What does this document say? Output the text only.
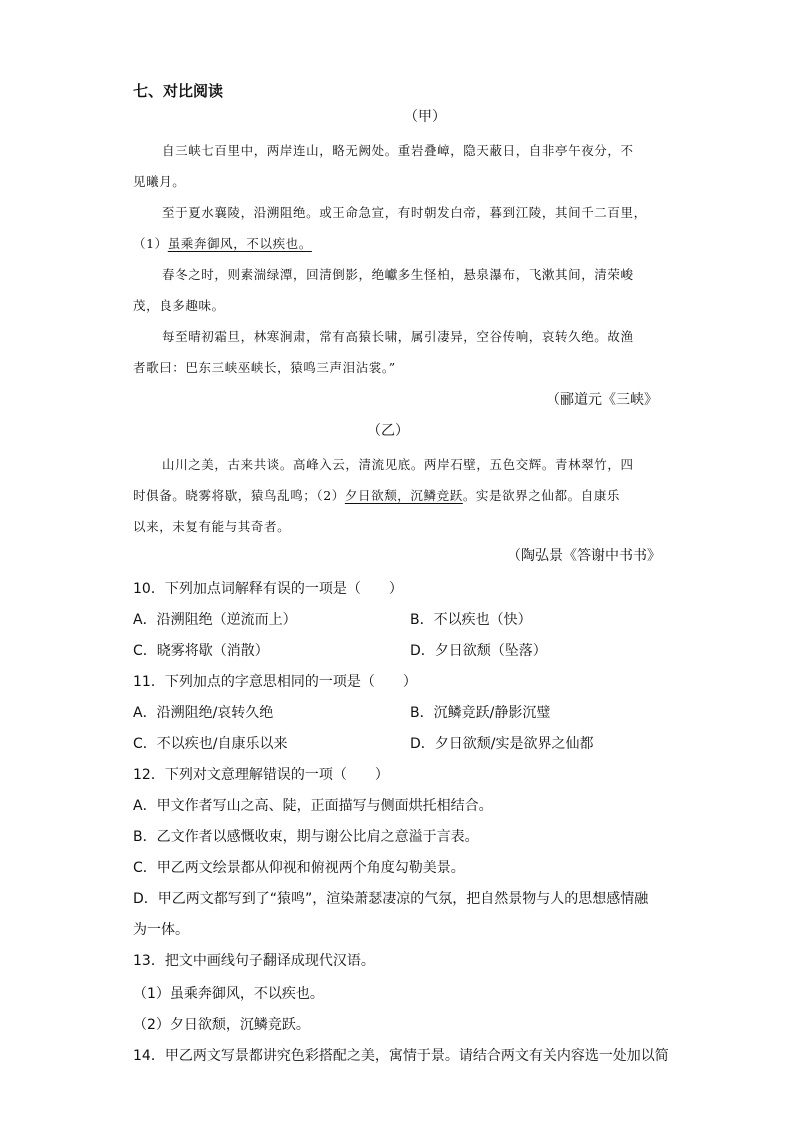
七、对比阅读
（甲）
自三峡七百里中，两岸连山，略无阙处。重岩叠嶂，隐天蔽日，自非亭午夜分，不
见曦月。
至于夏水襄陵，沿溯阻绝。或王命急宣，有时朝发白帝，暮到江陵，其间千二百里，
（1）虽乘奔御风，不以疾也。
春冬之时，则素湍绿潭，回清倒影，绝巘多生怪柏，悬泉瀑布，飞漱其间，清荣峻
茂，良多趣味。
每至晴初霜旦，林寒涧肃，常有高猿长啸，属引凄异，空谷传响，哀转久绝。故渔
者歌曰：巴东三峡巫峡长，猿鸣三声泪沾裳。”
（郦道元《三峡》
（乙）
山川之美，古来共谈。高峰入云，清流见底。两岸石壁，五色交辉。青林翠竹，四
时俱备。晓雾将歇，猿鸟乱鸣；（2）夕日欲颓，沉鳞竞跃。实是欲界之仙都。自康乐
以来，未复有能与其奇者。
（陶弘景《答谢中书书》
10．下列加点词解释有误的一项是（　　）
A．沿溯阻绝（逆流而上）	B．不以疾也（快）
C．晓雾将歇（消散）	D．夕日欲颓（坠落）
11．下列加点的字意思相同的一项是（　　）
A．沿溯阻绝/哀转久绝	B．沉鳞竞跃/静影沉璧
C．不以疾也/自康乐以来	D．夕日欲颓/实是欲界之仙都
12．下列对文意理解错误的一项（　　）
A．甲文作者写山之高、陡，正面描写与侧面烘托相结合。
B．乙文作者以感慨收束，期与谢公比肩之意溢于言表。
C．甲乙两文绘景都从仰视和俯视两个角度勾勒美景。
D．甲乙两文都写到了“猿鸣”，渲染萧瑟凄凉的气氛，把自然景物与人的思想感情融
为一体。
13．把文中画线句子翻译成现代汉语。
（1）虽乘奔御风，不以疾也。
（2）夕日欲颓，沉鳞竞跃。
14．甲乙两文写景都讲究色彩搭配之美，寓情于景。请结合两文有关内容选一处加以简
